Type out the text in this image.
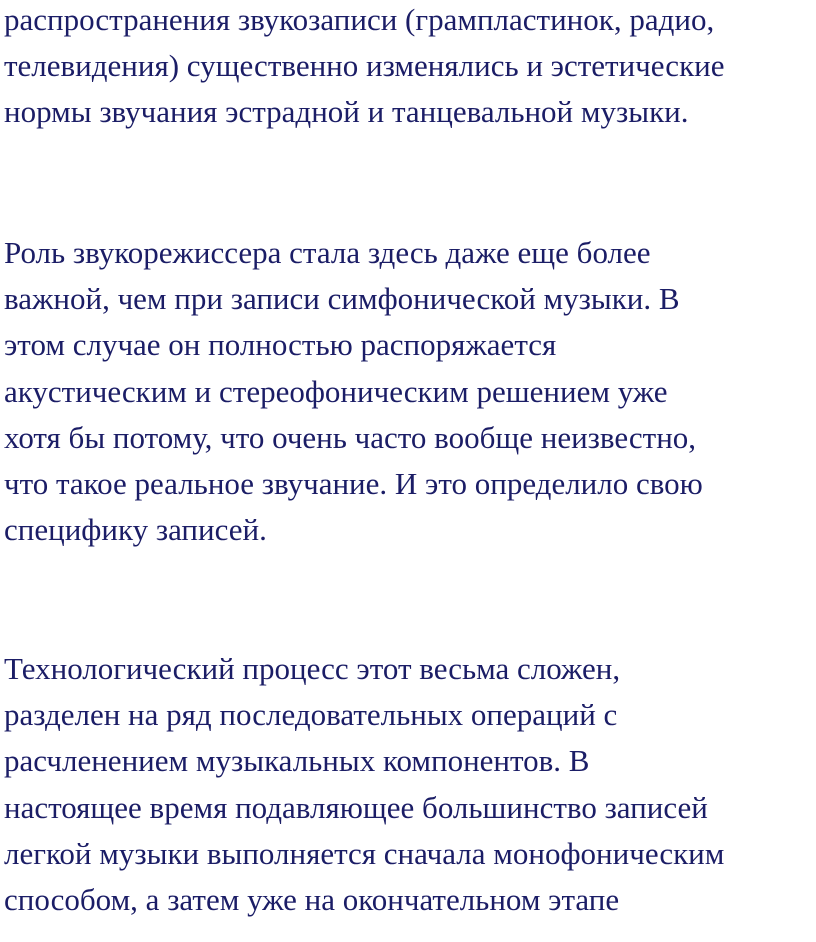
распространения звукозаписи (грампластинок, радио,
телевидения) существенно изменялись и эстетические
нормы звучания эстрадной и танцевальной музыки.

Роль звукорежиссера стала здесь даже еще более
важной, чем при записи симфонической музыки. В
этом случае он полностью распоряжается
акустическим и стереофоническим решением уже
хотя бы потому, что очень часто вообще неизвестно,
что такое реальное звучание. И это определило свою
специфику записей.

Технологический процесс этот весьма сложен,
разделен на ряд последовательных операций с
расчленением музыкальных компонентов. В
настоящее время подавляющее большинство записей
легкой музыки выполняется сначала монофоническим
способом, а затем уже на окончательном этапе
